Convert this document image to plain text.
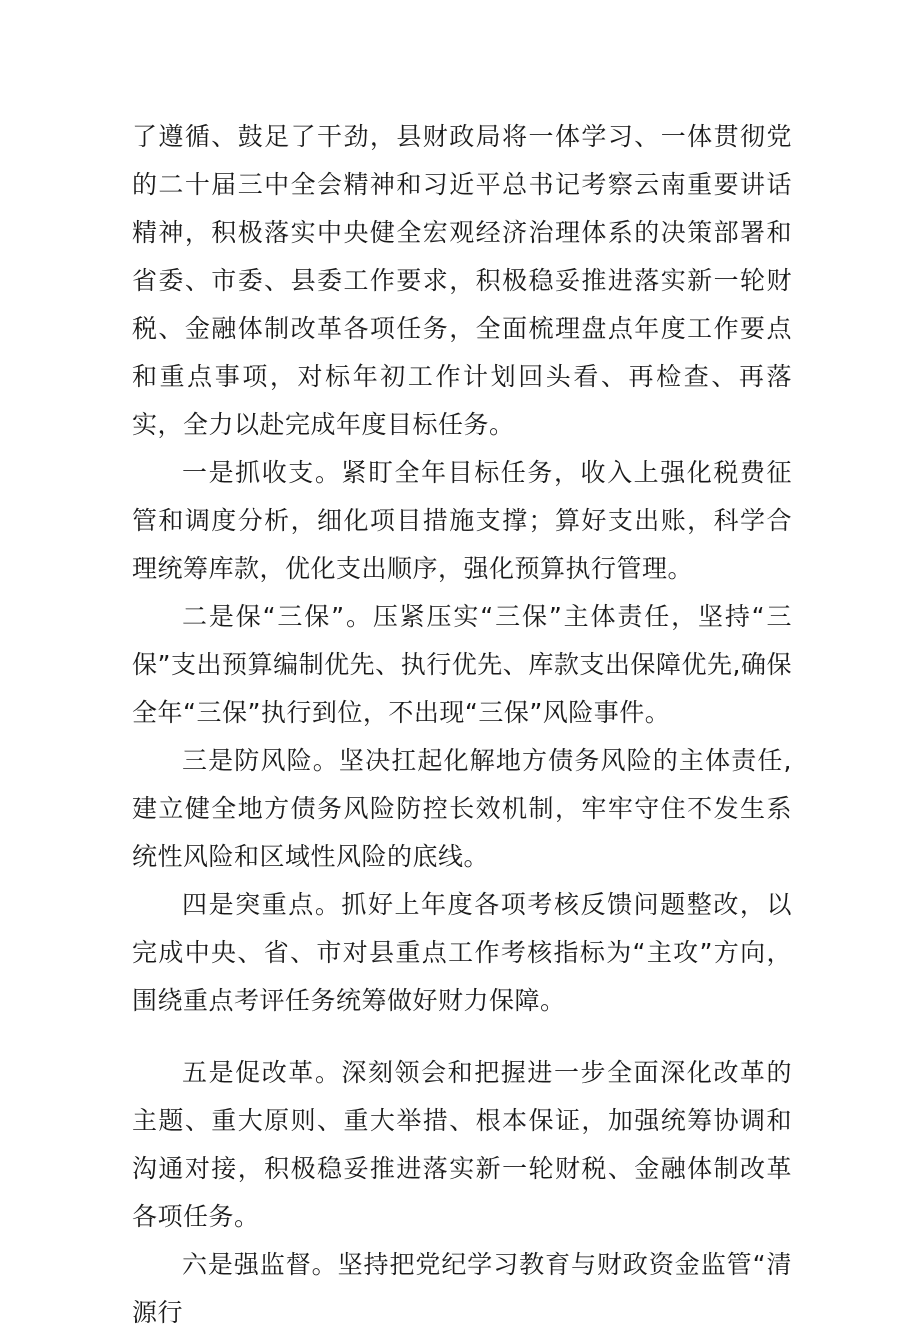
了遵循、鼓足了干劲，县财政局将一体学习、一体贯彻党的二十届三中全会精神和习近平总书记考察云南重要讲话精神，积极落实中央健全宏观经济治理体系的决策部署和省委、市委、县委工作要求，积极稳妥推进落实新一轮财税、金融体制改革各项任务，全面梳理盘点年度工作要点和重点事项，对标年初工作计划回头看、再检查、再落实，全力以赴完成年度目标任务。

一是抓收支。紧盯全年目标任务，收入上强化税费征管和调度分析，细化项目措施支撑；算好支出账，科学合理统筹库款，优化支出顺序，强化预算执行管理。

二是保“三保”。压紧压实“三保”主体责任，坚持“三保”支出预算编制优先、执行优先、库款支出保障优先,确保全年“三保”执行到位，不出现“三保”风险事件。

三是防风险。坚决扛起化解地方债务风险的主体责任,建立健全地方债务风险防控长效机制，牢牢守住不发生系统性风险和区域性风险的底线。

四是突重点。抓好上年度各项考核反馈问题整改，以完成中央、省、市对县重点工作考核指标为“主攻”方向，围绕重点考评任务统筹做好财力保障。

五是促改革。深刻领会和把握进一步全面深化改革的主题、重大原则、重大举措、根本保证，加强统筹协调和沟通对接，积极稳妥推进落实新一轮财税、金融体制改革各项任务。

六是强监督。坚持把党纪学习教育与财政资金监管“清源行
